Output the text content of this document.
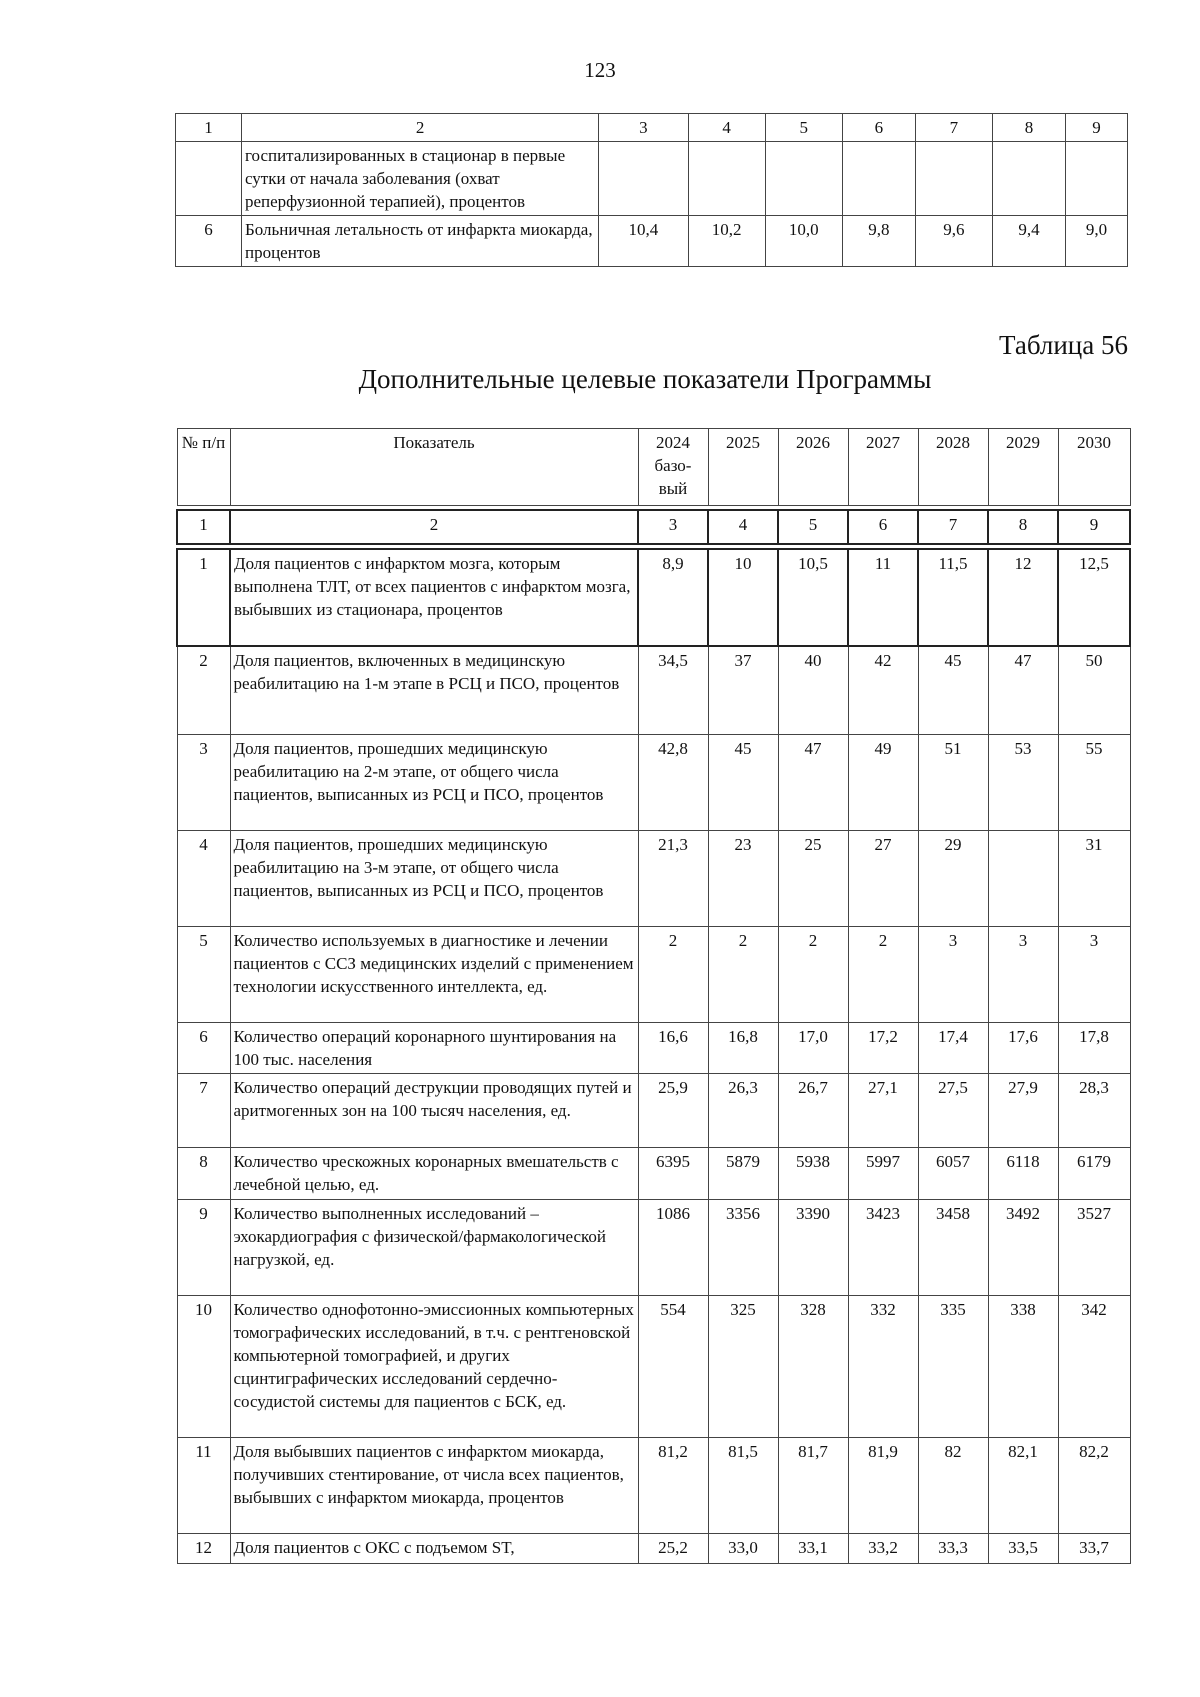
123
1	2	3	4	5	6	7	8	9
	госпитализированных в стационар в первые сутки от начала заболевания (охват реперфузионной терапией), процентов							
6	Больничная летальность от инфаркта миокарда, процентов	10,4	10,2	10,0	9,8	9,6	9,4	9,0
Таблица 56
Дополнительные целевые показатели Программы
№ п/п	Показатель	2024 базо-вый	2025	2026	2027	2028	2029	2030

1	2	3	4	5	6	7	8	9

1	Доля пациентов с инфарктом мозга, которым выполнена ТЛТ, от всех пациентов с инфарктом мозга, выбывших из стационара, процентов	8,9	10	10,5	11	11,5	12	12,5
2	Доля пациентов, включенных в медицинскую реабилитацию на 1-м этапе в РСЦ и ПСО, процентов	34,5	37	40	42	45	47	50
3	Доля пациентов, прошедших медицинскую реабилитацию на 2-м этапе, от общего числа пациентов, выписанных из РСЦ и ПСО, процентов	42,8	45	47	49	51	53	55
4	Доля пациентов, прошедших медицинскую реабилитацию на 3-м этапе, от общего числа пациентов, выписанных из РСЦ и ПСО, процентов	21,3	23	25	27	29		31
5	Количество используемых в диагностике и лечении пациентов с ССЗ медицинских изделий с применением технологии искусственного интеллекта, ед.	2	2	2	2	3	3	3
6	Количество операций коронарного шунтирования на 100 тыс. населения	16,6	16,8	17,0	17,2	17,4	17,6	17,8
7	Количество операций деструкции проводящих путей и аритмогенных зон на 100 тысяч населения, ед.	25,9	26,3	26,7	27,1	27,5	27,9	28,3
8	Количество чрескожных коронарных вмешательств с лечебной целью, ед.	6395	5879	5938	5997	6057	6118	6179
9	Количество выполненных исследований – эхокардиография с физической/фармакологической нагрузкой, ед.	1086	3356	3390	3423	3458	3492	3527
10	Количество однофотонно-эмиссионных компьютерных томографических исследований, в т.ч. с рентгеновской компьютерной томографией, и других сцинтиграфических исследований сердечно-сосудистой системы для пациентов с БСК, ед.	554	325	328	332	335	338	342
11	Доля выбывших пациентов с инфарктом миокарда, получивших стентирование, от числа всех пациентов, выбывших с инфарктом миокарда, процентов	81,2	81,5	81,7	81,9	82	82,1	82,2
12	Доля пациентов с ОКС с подъемом ST,	25,2	33,0	33,1	33,2	33,3	33,5	33,7
